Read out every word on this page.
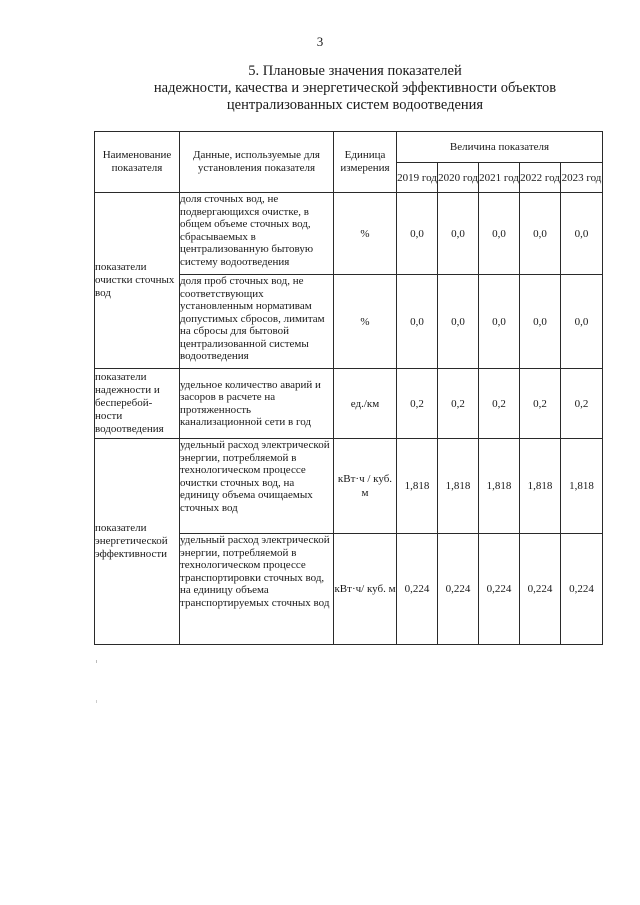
3
5. Плановые значения показателей
надежности, качества и энергетической эффективности объектов
централизованных систем водоотведения
Наименование показателя	Данные, используемые для установления показателя	Единица измерения	Величина показателя				
			2019 год	2020 год	2021 год	2022 год	2023 год
показатели очистки сточных вод	доля сточных вод, не подвергающихся очистке, в общем объеме сточных вод, сбрасываемых в централизованную бытовую систему водоотведения	%	0,0	0,0	0,0	0,0	0,0
	доля проб сточных вод, не соответствующих установленным нормативам допустимых сбросов, лимитам на сбросы для бытовой централизованной системы водоотведения	%	0,0	0,0	0,0	0,0	0,0
показатели надежности и бесперебой-ности водоотведения	удельное количество аварий и засоров в расчете на протяженность канализационной сети в год	ед./км	0,2	0,2	0,2	0,2	0,2
показатели энергетической эффективности	удельный расход электрической энергии, потребляемой в технологическом процессе очистки сточных вод, на единицу объема очищаемых сточных вод	кВт·ч / куб. м	1,818	1,818	1,818	1,818	1,818
	удельный расход электрической энергии, потребляемой в технологическом процессе транспортировки сточных вод, на единицу объема транспортируемых сточных вод	кВт·ч/ куб. м	0,224	0,224	0,224	0,224	0,224
